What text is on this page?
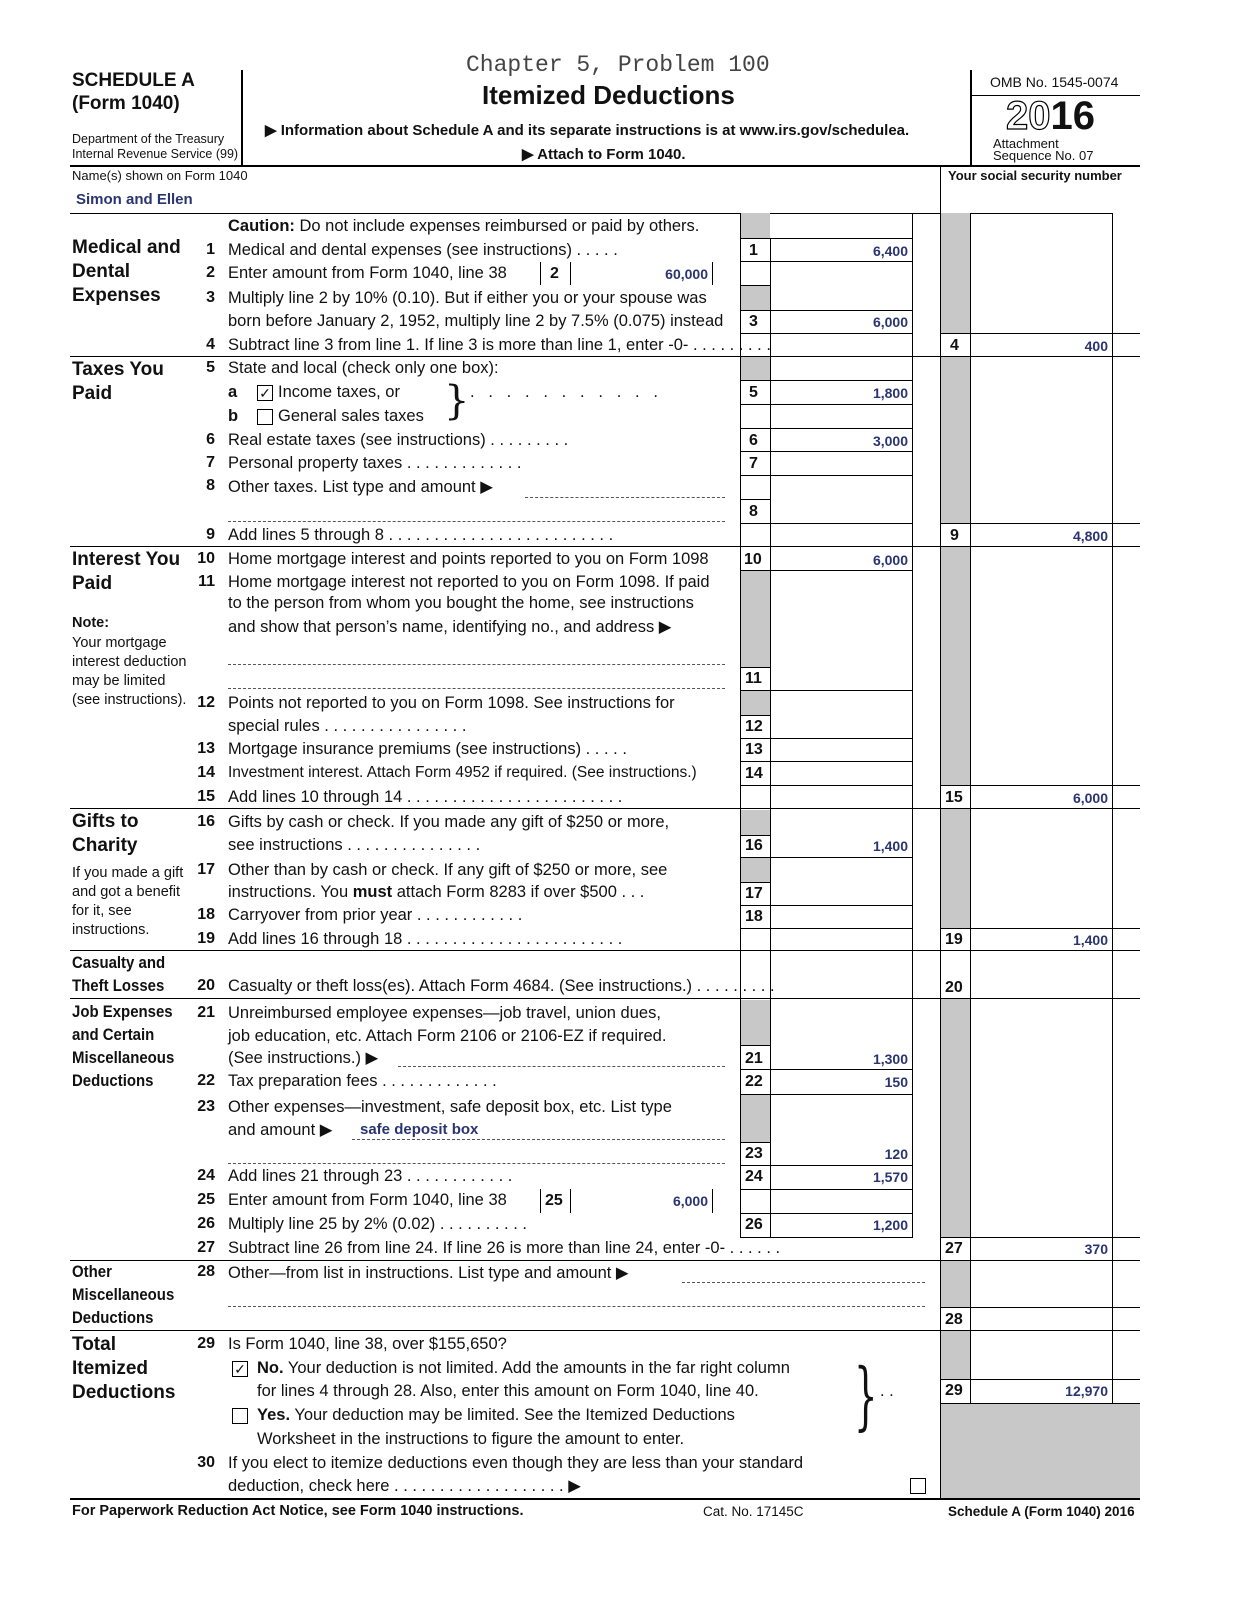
Chapter 5, Problem 100
Itemized Deductions
SCHEDULE A
(Form 1040)
Department of the Treasury
Internal Revenue Service (99)
▶ Information about Schedule A and its separate instructions is at www.irs.gov/schedulea.
▶ Attach to Form 1040.
OMB No. 1545-0074
2016
Attachment
Sequence No. 07
Name(s) shown on Form 1040
Simon and Ellen
Your social security number
Medical and Dental Expenses
Taxes You Paid
Interest You Paid
Note:
Your mortgage interest deduction may be limited (see instructions).
Gifts to Charity
If you made a gift and got a benefit for it, see instructions.
Casualty and Theft Losses
Job Expenses and Certain Miscellaneous Deductions
Other Miscellaneous Deductions
Total Itemized Deductions
Caution: Do not include expenses reimbursed or paid by others.
1 Medical and dental expenses (see instructions) . . . . .
2 Enter amount from Form 1040, line 38
3 Multiply line 2 by 10% (0.10). But if either you or your spouse was
born before January 2, 1952, multiply line 2 by 7.5% (0.075) instead
4 Subtract line 3 from line 1. If line 3 is more than line 1, enter -0- . . . . . . . . .
5 State and local (check only one box):
a ✓ Income taxes, or
b General sales taxes } .   .   .   .   .   .   .   .   .   .   .
6 Real estate taxes (see instructions) . . . . . . . . .
7 Personal property taxes . . . . . . . . . . . . .
8 Other taxes. List type and amount ▶
9 Add lines 5 through 8 . . . . . . . . . . . . . . . . . . . . . . . . .
10 Home mortgage interest and points reported to you on Form 1098
11 Home mortgage interest not reported to you on Form 1098. If paid
to the person from whom you bought the home, see instructions
and show that person’s name, identifying no., and address ▶
12 Points not reported to you on Form 1098. See instructions for
special rules . . . . . . . . . . . . . . . .
13 Mortgage insurance premiums (see instructions) . . . . .
14 Investment interest. Attach Form 4952 if required. (See instructions.)
15 Add lines 10 through 14 . . . . . . . . . . . . . . . . . . . . . . . .
16 Gifts by cash or check. If you made any gift of $250 or more,
see instructions . . . . . . . . . . . . . . .
17 Other than by cash or check. If any gift of $250 or more, see
instructions. You must attach Form 8283 if over $500 . . .
18 Carryover from prior year . . . . . . . . . . . .
19 Add lines 16 through 18 . . . . . . . . . . . . . . . . . . . . . . . .
20 Casualty or theft loss(es). Attach Form 4684. (See instructions.) . . . . . . . . .
21 Unreimbursed employee expenses—job travel, union dues,
job education, etc. Attach Form 2106 or 2106-EZ if required.
(See instructions.) ▶
22 Tax preparation fees . . . . . . . . . . . . .
23 Other expenses—investment, safe deposit box, etc. List type
and amount ▶ safe deposit box
24 Add lines 21 through 23 . . . . . . . . . . . .
25 Enter amount from Form 1040, line 38
26 Multiply line 25 by 2% (0.02) . . . . . . . . . .
27 Subtract line 26 from line 24. If line 26 is more than line 24, enter -0- . . . . . .
28 Other—from list in instructions. List type and amount ▶
29 Is Form 1040, line 38, over $155,650?
✓ No. Your deduction is not limited. Add the amounts in the far right column
for lines 4 through 28. Also, enter this amount on Form 1040, line 40.
Yes. Your deduction may be limited. See the Itemized Deductions
Worksheet in the instructions to figure the amount to enter. } . .
30 If you elect to itemize deductions even though they are less than your standard
deduction, check here . . . . . . . . . . . . . . . . . . . ▶
1
2
3
5
6
7
8
10
11
12
13
14
16
17
18
21
22
23
24
25
26
4
9
15
19
20
27
28
29
6,400
60,000
6,000
400
1,800
3,000
4,800
6,000
6,000
1,400
1,400
1,300
150
120
1,570
6,000
1,200
370
12,970
For Paperwork Reduction Act Notice, see Form 1040 instructions.	Cat. No. 17145C	Schedule A (Form 1040) 2016
